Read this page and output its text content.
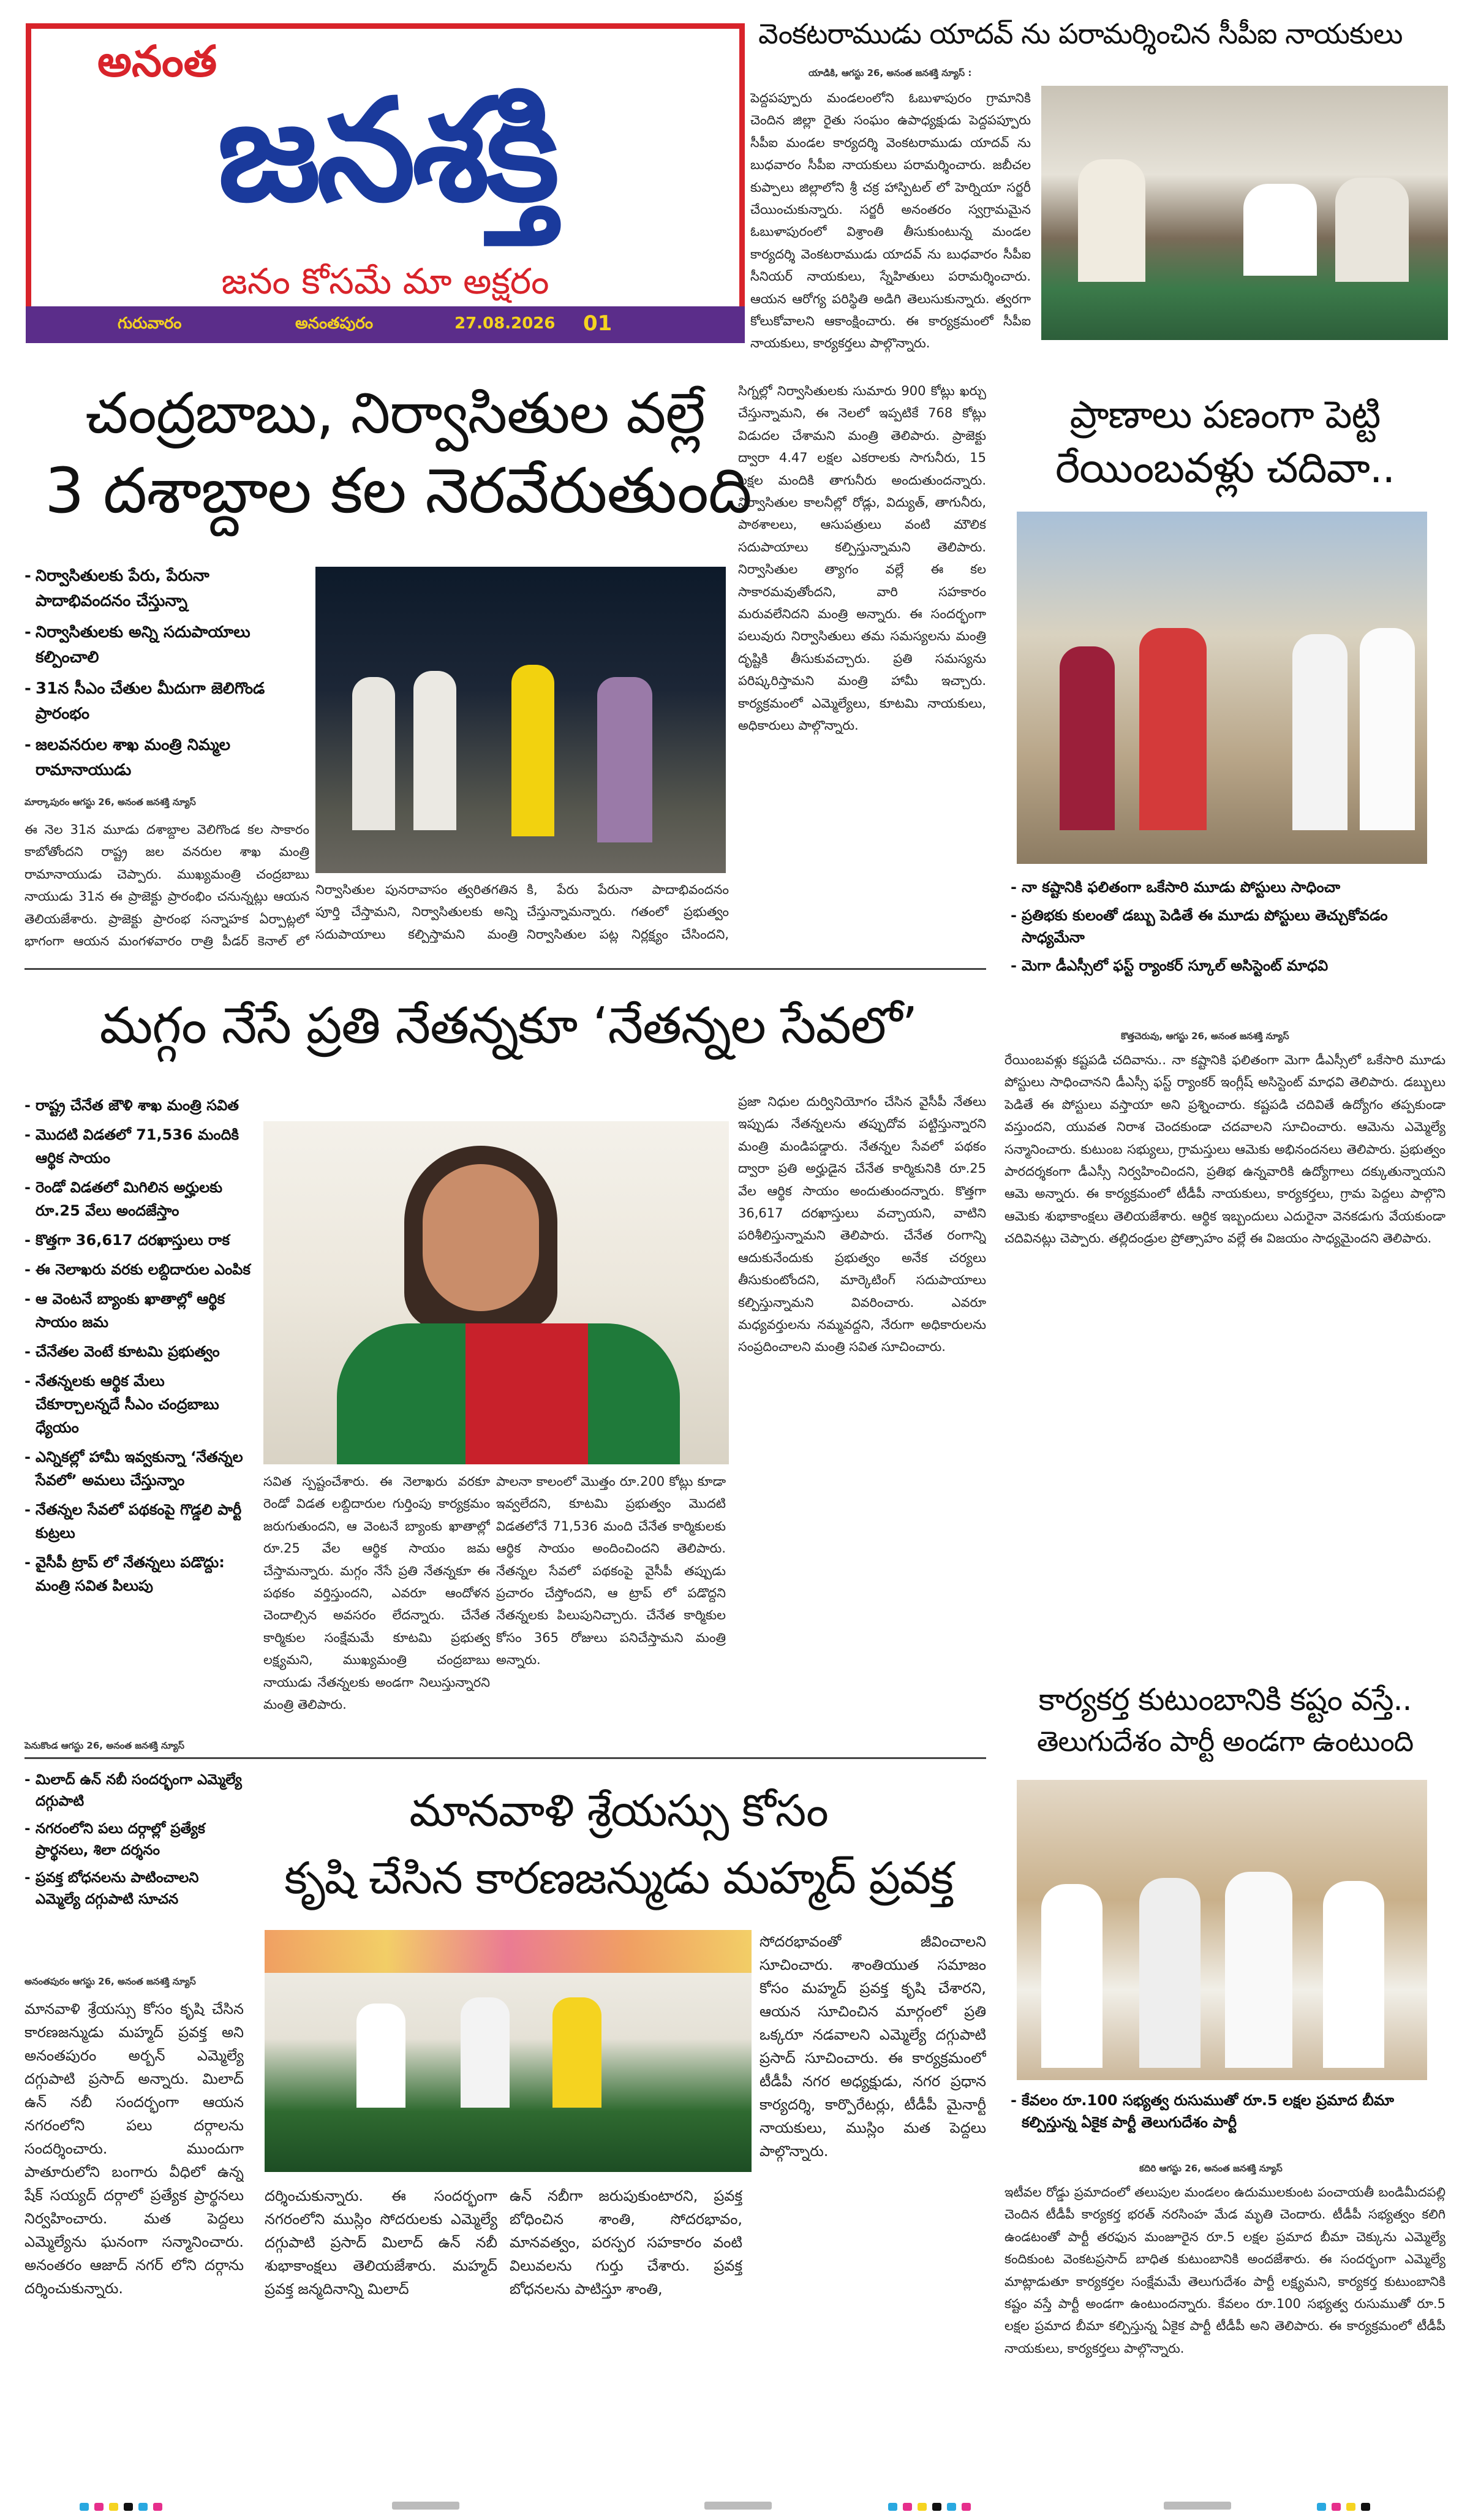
అనంత
జనశక్తి
జనం కోసమే మా అక్షరం
గురువారం	అనంతపురం	27.08.2026 01
వెంకటరాముడు యాదవ్ ను పరామర్శించిన సీపీఐ నాయకులు
యాడికి, ఆగస్టు 26, అనంత జనశక్తి న్యూస్ :
పెద్దపప్పూరు మండలంలోని ఓబుళాపురం గ్రామానికి చెందిన జిల్లా రైతు సంఘం ఉపాధ్యక్షుడు పెద్దపప్పూరు సీపీఐ మండల కార్యదర్శి వెంకటరాముడు యాదవ్ ను బుధవారం సీపీఐ నాయకులు పరామర్శించారు. జబీచల కుప్పాలు జిల్లాలోని శ్రీ చక్ర హాస్పిటల్ లో హెర్నియా సర్జరీ చేయించుకున్నారు. సర్జరీ అనంతరం స్వగ్రామమైన ఓబుళాపురంలో విశ్రాంతి తీసుకుంటున్న మండల కార్యదర్శి వెంకటరాముడు యాదవ్ ను బుధవారం సీపీఐ సీనియర్ నాయకులు, స్నేహితులు పరామర్శించారు. ఆయన ఆరోగ్య పరిస్థితి అడిగి తెలుసుకున్నారు. త్వరగా కోలుకోవాలని ఆకాంక్షించారు. ఈ కార్యక్రమంలో సీపీఐ నాయకులు, కార్యకర్తలు పాల్గొన్నారు.
చంద్రబాబు, నిర్వాసితుల వల్లే
3 దశాబ్దాల కల నెరవేరుతుంది
- నిర్వాసితులకు పేరు, పేరునా పాదాభివందనం చేస్తున్నా
- నిర్వాసితులకు అన్ని సదుపాయాలు కల్పించాలి
- 31న సీఎం చేతుల మీదుగా జెలిగొండ ప్రారంభం
- జలవనరుల శాఖ మంత్రి నిమ్మల రామానాయుడు
మార్కాపురం ఆగస్టు 26, అనంత జనశక్తి న్యూస్
ఈ నెల 31న మూడు దశాబ్దాల వెలిగొండ కల సాకారం కాబోతోందని రాష్ట్ర జల వనరుల శాఖ మంత్రి రామానాయుడు చెప్పారు. ముఖ్యమంత్రి చంద్రబాబు నాయుడు 31న ఈ ప్రాజెక్టు ప్రారంభిం చనున్నట్లు ఆయన తెలియజేశారు. ప్రాజెక్టు ప్రారంభ సన్నాహక ఏర్పాట్లలో భాగంగా ఆయన మంగళవారం రాత్రి పీడర్ కెనాల్ లో
నిర్వాసితుల పునరావాసం త్వరితగతిన పూర్తి చేస్తామని, నిర్వాసితులకు అన్ని సదుపాయాలు కల్పిస్తామని మంత్రి
కి, పేరు పేరునా పాదాభివందనం చేస్తున్నామన్నారు. గతంలో ప్రభుత్వం నిర్వాసితుల పట్ల నిర్లక్ష్యం చేసిందని,
సిగ్నల్లో నిర్వాసితులకు సుమారు 900 కోట్లు ఖర్చు చేస్తున్నామని, ఈ నెలలో ఇప్పటికే 768 కోట్లు విడుదల చేశామని మంత్రి తెలిపారు. ప్రాజెక్టు ద్వారా 4.47 లక్షల ఎకరాలకు సాగునీరు, 15 లక్షల మందికి తాగునీరు అందుతుందన్నారు. నిర్వాసితుల కాలనీల్లో రోడ్లు, విద్యుత్, తాగునీరు, పాఠశాలలు, ఆసుపత్రులు వంటి మౌలిక సదుపాయాలు కల్పిస్తున్నామని తెలిపారు. నిర్వాసితుల త్యాగం వల్లే ఈ కల సాకారమవుతోందని, వారి సహకారం మరువలేనిదని మంత్రి అన్నారు. ఈ సందర్భంగా పలువురు నిర్వాసితులు తమ సమస్యలను మంత్రి దృష్టికి తీసుకువచ్చారు. ప్రతి సమస్యను పరిష్కరిస్తామని మంత్రి హామీ ఇచ్చారు. కార్యక్రమంలో ఎమ్మెల్యేలు, కూటమి నాయకులు, అధికారులు పాల్గొన్నారు.
ప్రాణాలు పణంగా పెట్టి
రేయింబవళ్లు చదివా..
- నా కష్టానికి ఫలితంగా ఒకేసారి మూడు పోస్టులు సాధించా
- ప్రతిభకు కులంతో డబ్బు పెడితే ఈ మూడు పోస్టులు తెచ్చుకోవడం సాధ్యమేనా
- మెగా డీఎస్సీలో ఫస్ట్ ర్యాంకర్ స్కూల్ అసిస్టెంట్ మాధవి
కొత్తచెరువు, ఆగస్టు 26, అనంత జనశక్తి న్యూస్
రేయింబవళ్లు కష్టపడి చదివాను.. నా కష్టానికి ఫలితంగా మెగా డీఎస్సీలో ఒకేసారి మూడు పోస్టులు సాధించానని డీఎస్సీ ఫస్ట్ ర్యాంకర్ ఇంగ్లీష్ అసిస్టెంట్ మాధవి తెలిపారు. డబ్బులు పెడితే ఈ పోస్టులు వస్తాయా అని ప్రశ్నించారు. కష్టపడి చదివితే ఉద్యోగం తప్పకుండా వస్తుందని, యువత నిరాశ చెందకుండా చదవాలని సూచించారు. ఆమెను ఎమ్మెల్యే సన్మానించారు. కుటుంబ సభ్యులు, గ్రామస్తులు ఆమెకు అభినందనలు తెలిపారు. ప్రభుత్వం పారదర్శకంగా డీఎస్సీ నిర్వహించిందని, ప్రతిభ ఉన్నవారికి ఉద్యోగాలు దక్కుతున్నాయని ఆమె అన్నారు. ఈ కార్యక్రమంలో టీడీపీ నాయకులు, కార్యకర్తలు, గ్రామ పెద్దలు పాల్గొని ఆమెకు శుభాకాంక్షలు తెలియజేశారు. ఆర్థిక ఇబ్బందులు ఎదురైనా వెనకడుగు వేయకుండా చదివినట్లు చెప్పారు. తల్లిదండ్రుల ప్రోత్సాహం వల్లే ఈ విజయం సాధ్యమైందని తెలిపారు.
మగ్గం నేసే ప్రతి నేతన్నకూ ‘నేతన్నల సేవలో’
- రాష్ట్ర చేనేత జౌళి శాఖ మంత్రి సవిత
- మొదటి విడతలో 71,536 మందికి ఆర్థిక సాయం
- రెండో విడతలో మిగిలిన అర్హులకు రూ.25 వేలు అందజేస్తాం
- కొత్తగా 36,617 దరఖాస్తులు రాక
- ఈ నెలాఖరు వరకు లబ్దిదారుల ఎంపిక
- ఆ వెంటనే బ్యాంకు ఖాతాల్లో ఆర్థిక సాయం జమ
- చేనేతల వెంటే కూటమి ప్రభుత్వం
- నేతన్నలకు ఆర్థిక మేలు చేకూర్చాలన్నదే సీఎం చంద్రబాబు ధ్యేయం
- ఎన్నికల్లో హామీ ఇవ్వకున్నా ‘నేతన్నల సేవలో’ అమలు చేస్తున్నాం
- నేతన్నల సేవలో పథకంపై గొడ్డలి పార్టీ కుట్రలు
- వైసీపీ ట్రాప్ లో నేతన్నలు పడొద్దు: మంత్రి సవిత పిలుపు
పెనుకొండ ఆగస్టు 26, అనంత జనశక్తి న్యూస్
సవిత స్పష్టంచేశారు. ఈ నెలాఖరు వరకూ రెండో విడత లబ్దిదారుల గుర్తింపు కార్యక్రమం జరుగుతుందని, ఆ వెంటనే బ్యాంకు ఖాతాల్లో రూ.25 వేల ఆర్థిక సాయం జమ చేస్తామన్నారు. మగ్గం నేసే ప్రతి నేతన్నకూ ఈ పథకం వర్తిస్తుందని, ఎవరూ ఆందోళన చెందాల్సిన అవసరం లేదన్నారు. చేనేత కార్మికుల సంక్షేమమే కూటమి ప్రభుత్వ లక్ష్యమని, ముఖ్యమంత్రి చంద్రబాబు నాయుడు నేతన్నలకు అండగా నిలుస్తున్నారని మంత్రి తెలిపారు.
పాలనా కాలంలో మొత్తం రూ.200 కోట్లు కూడా ఇవ్వలేదని, కూటమి ప్రభుత్వం మొదటి విడతలోనే 71,536 మంది చేనేత కార్మికులకు ఆర్థిక సాయం అందించిందని తెలిపారు. నేతన్నల సేవలో పథకంపై వైసీపీ తప్పుడు ప్రచారం చేస్తోందని, ఆ ట్రాప్ లో పడొద్దని నేతన్నలకు పిలుపునిచ్చారు. చేనేత కార్మికుల కోసం 365 రోజులు పనిచేస్తామని మంత్రి అన్నారు.
ప్రజా నిధుల దుర్వినియోగం చేసిన వైసీపీ నేతలు ఇప్పుడు నేతన్నలను తప్పుదోవ పట్టిస్తున్నారని మంత్రి మండిపడ్డారు. నేతన్నల సేవలో పథకం ద్వారా ప్రతి అర్హుడైన చేనేత కార్మికునికి రూ.25 వేల ఆర్థిక సాయం అందుతుందన్నారు. కొత్తగా 36,617 దరఖాస్తులు వచ్చాయని, వాటిని పరిశీలిస్తున్నామని తెలిపారు. చేనేత రంగాన్ని ఆదుకునేందుకు ప్రభుత్వం అనేక చర్యలు తీసుకుంటోందని, మార్కెటింగ్ సదుపాయాలు కల్పిస్తున్నామని వివరించారు. ఎవరూ మధ్యవర్తులను నమ్మవద్దని, నేరుగా అధికారులను సంప్రదించాలని మంత్రి సవిత సూచించారు.
- మిలాద్ ఉన్ నబీ సందర్భంగా ఎమ్మెల్యే దగ్గుపాటి
- నగరంలోని పలు దర్గాల్లో ప్రత్యేక ప్రార్థనలు, శిలా దర్శనం
- ప్రవక్త బోధనలను పాటించాలని ఎమ్మెల్యే దగ్గుపాటి సూచన
మానవాళి శ్రేయస్సు కోసం
కృషి చేసిన కారణజన్ముడు మహ్మద్ ప్రవక్త
అనంతపురం ఆగస్టు 26, అనంత జనశక్తి న్యూస్
మానవాళి శ్రేయస్సు కోసం కృషి చేసిన కారణజన్ముడు మహ్మద్ ప్రవక్త అని అనంతపురం అర్బన్ ఎమ్మెల్యే దగ్గుపాటి ప్రసాద్ అన్నారు. మిలాద్ ఉన్ నబీ సందర్భంగా ఆయన నగరంలోని పలు దర్గాలను సందర్శించారు. ముందుగా పాతూరులోని బంగారు వీధిలో ఉన్న షేక్ సయ్యద్ దర్గాలో ప్రత్యేక ప్రార్థనలు నిర్వహించారు. మత పెద్దలు ఎమ్మెల్యేను ఘనంగా సన్మానించారు. అనంతరం ఆజాద్ నగర్ లోని దర్గాను దర్శించుకున్నారు.
దర్శించుకున్నారు. ఈ సందర్భంగా నగరంలోని ముస్లిం సోదరులకు ఎమ్మెల్యే దగ్గుపాటి ప్రసాద్ మిలాద్ ఉన్ నబీ శుభాకాంక్షలు తెలియజేశారు. మహ్మద్ ప్రవక్త జన్మదినాన్ని మిలాద్
ఉన్ నబీగా జరుపుకుంటారని, ప్రవక్త బోధించిన శాంతి, సోదరభావం, మానవత్వం, పరస్పర సహకారం వంటి విలువలను గుర్తు చేశారు. ప్రవక్త బోధనలను పాటిస్తూ శాంతి,
సోదరభావంతో జీవించాలని సూచించారు. శాంతియుత సమాజం కోసం మహ్మద్ ప్రవక్త కృషి చేశారని, ఆయన సూచించిన మార్గంలో ప్రతి ఒక్కరూ నడవాలని ఎమ్మెల్యే దగ్గుపాటి ప్రసాద్ సూచించారు. ఈ కార్యక్రమంలో టీడీపీ నగర అధ్యక్షుడు, నగర ప్రధాన కార్యదర్శి, కార్పొరేటర్లు, టీడీపీ మైనార్టీ నాయకులు, ముస్లిం మత పెద్దలు పాల్గొన్నారు.
కార్యకర్త కుటుంబానికి కష్టం వస్తే..
తెలుగుదేశం పార్టీ అండగా ఉంటుంది
- కేవలం రూ.100 సభ్యత్వ రుసుముతో రూ.5 లక్షల ప్రమాద బీమా కల్పిస్తున్న ఏకైక పార్టీ తెలుగుదేశం పార్టీ
కదిరి ఆగస్టు 26, అనంత జనశక్తి న్యూస్
ఇటీవల రోడ్డు ప్రమాదంలో తలుపుల మండలం ఉదుములకుంట పంచాయతీ బండిమీదపల్లి చెందిన టీడీపీ కార్యకర్త భరత్ నరసింహ మేడ మృతి చెందారు. టీడీపీ సభ్యత్వం కలిగి ఉండటంతో పార్టీ తరఫున మంజూరైన రూ.5 లక్షల ప్రమాద బీమా చెక్కును ఎమ్మెల్యే కందికుంట వెంకటప్రసాద్ బాధిత కుటుంబానికి అందజేశారు. ఈ సందర్భంగా ఎమ్మెల్యే మాట్లాడుతూ కార్యకర్తల సంక్షేమమే తెలుగుదేశం పార్టీ లక్ష్యమని, కార్యకర్త కుటుంబానికి కష్టం వస్తే పార్టీ అండగా ఉంటుందన్నారు. కేవలం రూ.100 సభ్యత్వ రుసుముతో రూ.5 లక్షల ప్రమాద బీమా కల్పిస్తున్న ఏకైక పార్టీ టీడీపీ అని తెలిపారు. ఈ కార్యక్రమంలో టీడీపీ నాయకులు, కార్యకర్తలు పాల్గొన్నారు.
